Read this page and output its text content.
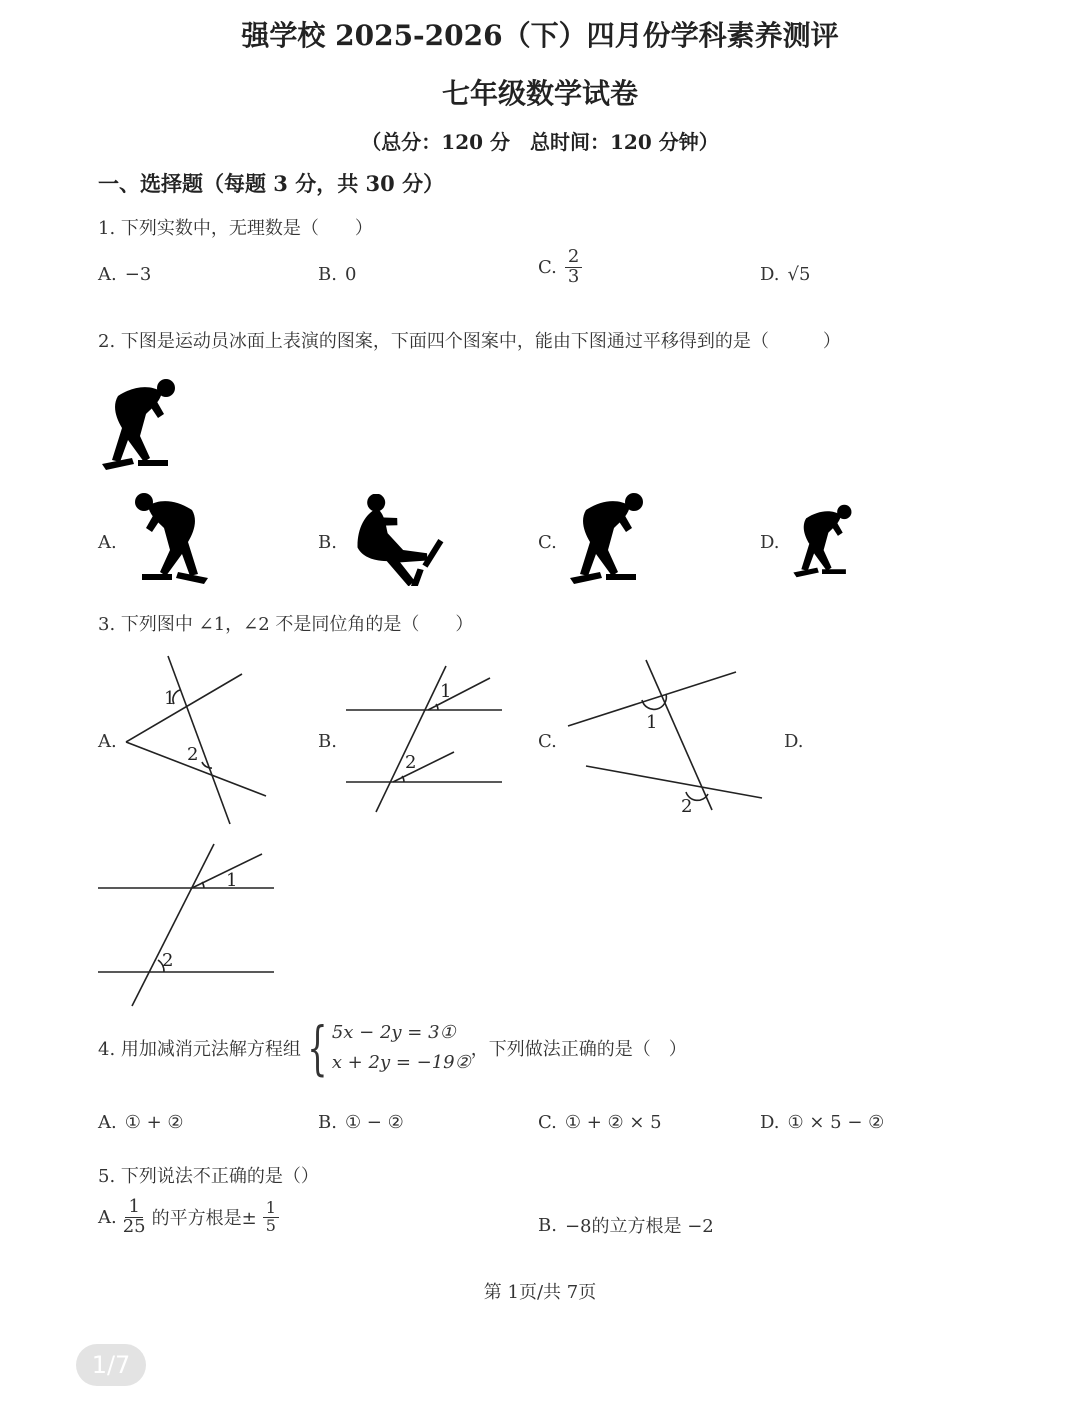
强学校 2025-2026（下）四月份学科素养测评
七年级数学试卷
（总分：120 分　总时间：120 分钟）
一、选择题（每题 3 分，共 30 分）
1. 下列实数中，无理数是（　　）
A. −3	B. 0	C. $\frac{2}{3}$	D. √5
2. 下图是运动员冰面上表演的图案，下面四个图案中，能由下图通过平移得到的是（　　　）
A.	B.	C.	D.
3. 下列图中 ∠1，∠2 不是同位角的是（　　）
A.
1
2
B.
1
2
C.
1
2
D.
1
2
4. 用加减消元法解方程组 { 5x − 2y = 3①
x + 2y = −19②
，下列做法正确的是（　）
A. ① + ②	B. ① − ②	C. ① + ② × 5	D. ① × 5 − ②
5. 下列说法不正确的是（）
A. $\frac{1}{25}$ 的平方根是± $\frac{1}{5}$	B. −8的立方根是 −2
第 1页/共 7页
1/7
